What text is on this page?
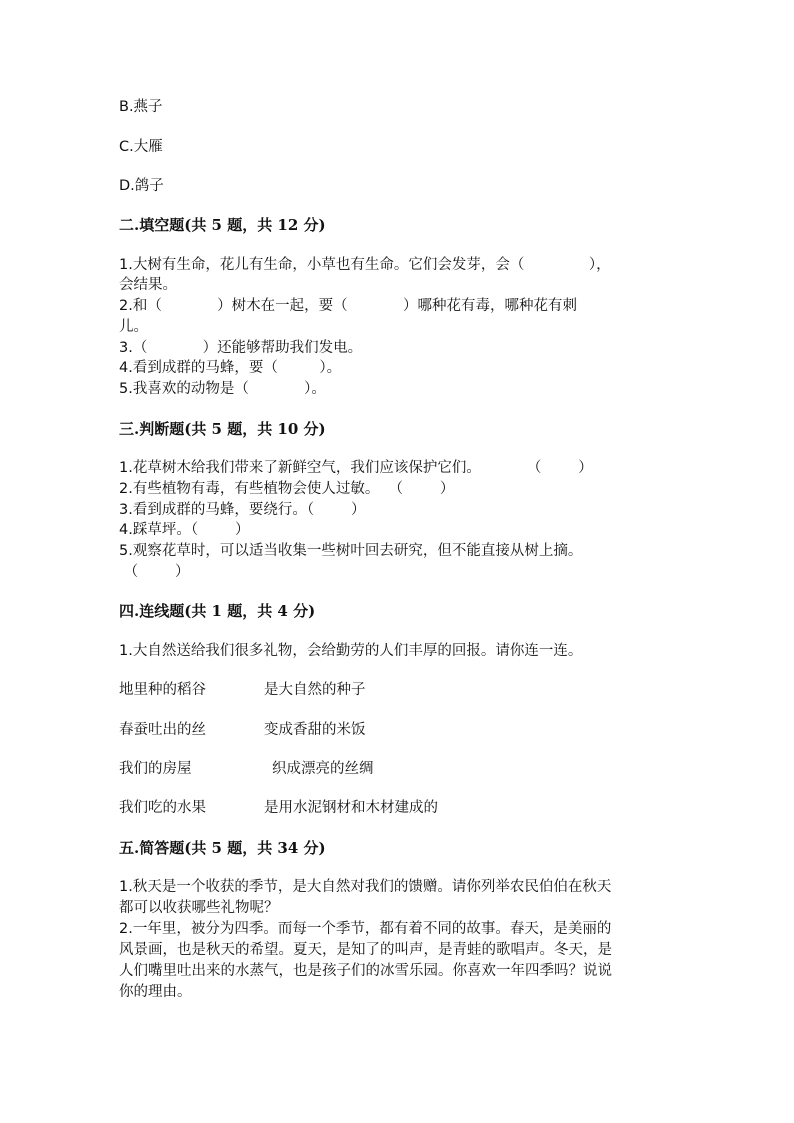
B.燕子

C.大雁

D.鸽子

二.填空题(共 5 题，共 12 分)

1.大树有生命，花儿有生命，小草也有生命。它们会发芽，会（              ），

会结果。

2.和（            ）树木在一起，要（            ）哪种花有毒，哪种花有刺

儿。

3.（            ）还能够帮助我们发电。

4.看到成群的马蜂，要（         ）。

5.我喜欢的动物是（            ）。

三.判断题(共 5 题，共 10 分)

1.花草树木给我们带来了新鲜空气，我们应该保护它们。          （        ）

2.有些植物有毒，有些植物会使人过敏。  （        ）

3.看到成群的马蜂，要绕行。（        ）

4.踩草坪。（        ）

5.观察花草时，可以适当收集一些树叶回去研究，但不能直接从树上摘。

（        ）

四.连线题(共 1 题，共 4 分)

1.大自然送给我们很多礼物，会给勤劳的人们丰厚的回报。请你连一连。

地里种的稻谷	是大自然的种子

春蚕吐出的丝	变成香甜的米饭

我们的房屋	织成漂亮的丝绸

我们吃的水果	是用水泥钢材和木材建成的

五.简答题(共 5 题，共 34 分)

1.秋天是一个收获的季节，是大自然对我们的馈赠。请你列举农民伯伯在秋天

都可以收获哪些礼物呢？

2.一年里，被分为四季。而每一个季节，都有着不同的故事。春天，是美丽的

风景画，也是秋天的希望。夏天，是知了的叫声，是青蛙的歌唱声。冬天，是

人们嘴里吐出来的水蒸气，也是孩子们的冰雪乐园。你喜欢一年四季吗？说说

你的理由。
